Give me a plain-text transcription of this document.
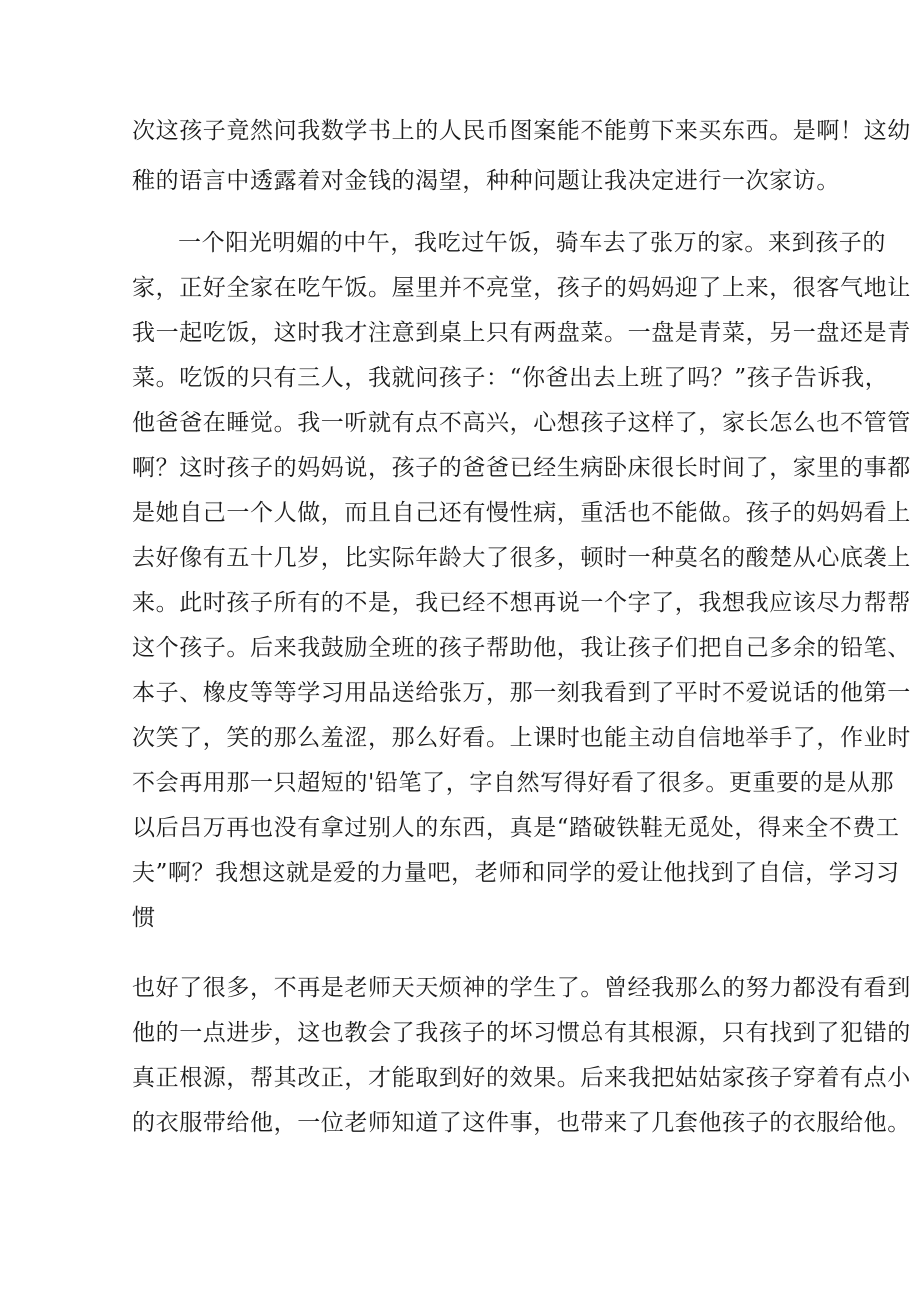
次这孩子竟然问我数学书上的人民币图案能不能剪下来买东西。是啊！这幼
稚的语言中透露着对金钱的渴望，种种问题让我决定进行一次家访。
一个阳光明媚的中午，我吃过午饭，骑车去了张万的家。来到孩子的
家，正好全家在吃午饭。屋里并不亮堂，孩子的妈妈迎了上来，很客气地让
我一起吃饭，这时我才注意到桌上只有两盘菜。一盘是青菜，另一盘还是青
菜。吃饭的只有三人，我就问孩子：“你爸出去上班了吗？”孩子告诉我，
他爸爸在睡觉。我一听就有点不高兴，心想孩子这样了，家长怎么也不管管
啊？这时孩子的妈妈说，孩子的爸爸已经生病卧床很长时间了，家里的事都
是她自己一个人做，而且自己还有慢性病，重活也不能做。孩子的妈妈看上
去好像有五十几岁，比实际年龄大了很多，顿时一种莫名的酸楚从心底袭上
来。此时孩子所有的不是，我已经不想再说一个字了，我想我应该尽力帮帮
这个孩子。后来我鼓励全班的孩子帮助他，我让孩子们把自己多余的铅笔、
本子、橡皮等等学习用品送给张万，那一刻我看到了平时不爱说话的他第一
次笑了，笑的那么羞涩，那么好看。上课时也能主动自信地举手了，作业时
不会再用那一只超短的'铅笔了，字自然写得好看了很多。更重要的是从那
以后吕万再也没有拿过别人的东西，真是“踏破铁鞋无觅处，得来全不费工
夫”啊？我想这就是爱的力量吧，老师和同学的爱让他找到了自信，学习习
惯
也好了很多，不再是老师天天烦神的学生了。曾经我那么的努力都没有看到
他的一点进步，这也教会了我孩子的坏习惯总有其根源，只有找到了犯错的
真正根源，帮其改正，才能取到好的效果。后来我把姑姑家孩子穿着有点小
的衣服带给他，一位老师知道了这件事，也带来了几套他孩子的衣服给他。
